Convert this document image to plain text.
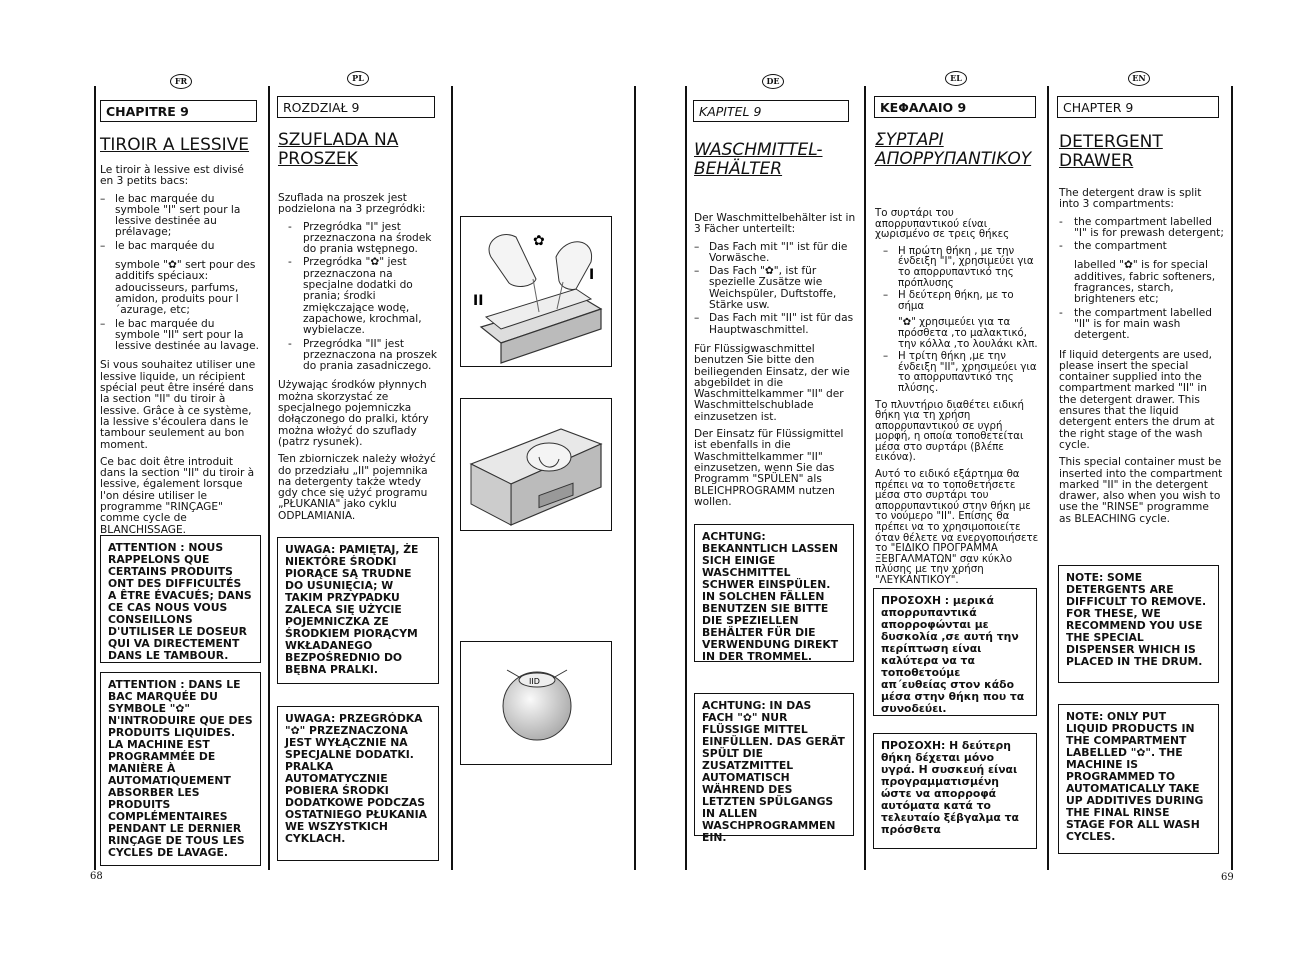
FR	PL	DE	EL	EN
CHAPITRE 9
TIROIR A LESSIVE

Le tiroir à lessive est divisé en 3 petits bacs:

– le bac marquée du symbole "I" sert pour la lessive destinée au prélavage;
– le bac marquée du
symbole "✿" sert pour des additifs spéciaux: adoucisseurs, parfums, amidon, produits pour l´azurage, etc;
– le bac marquée du symbole "II" sert pour la lessive destinée au lavage.

Si vous souhaitez utiliser une lessive liquide, un récipient spécial peut être inséré dans la section "II" du tiroir à lessive. Grâce à ce système, la lessive s'écoulera dans le tambour seulement au bon moment.

Ce bac doit être introduit dans la section "II" du tiroir à lessive, également lorsque l'on désire utiliser le programme "RINÇAGE" comme cycle de BLANCHISSAGE.

ATTENTION : NOUS RAPPELONS QUE CERTAINS PRODUITS ONT DES DIFFICULTÉS A ÊTRE ÉVACUÉS; DANS CE CAS NOUS VOUS CONSEILLONS D'UTILISER LE DOSEUR QUI VA DIRECTEMENT DANS LE TAMBOUR.
ATTENTION : DANS LE BAC MARQUÉE DU SYMBOLE "✿" N'INTRODUIRE QUE DES PRODUITS LIQUIDES. LA MACHINE EST PROGRAMMÉE DE MANIÈRE À AUTOMATIQUEMENT ABSORBER LES PRODUITS COMPLÉMENTAIRES PENDANT LE DERNIER RINÇAGE DE TOUS LES CYCLES DE LAVAGE.
ROZDZIAŁ 9
SZUFLADA NA PROSZEK

Szuflada na proszek jest podzielona na 3 przegródki:

-	Przegródka "I" jest przeznaczona na środek do prania wstępnego.
-	Przegródka "✿" jest przeznaczona na specjalne dodatki do prania; środki zmiękczające wodę, zapachowe, krochmal, wybielacze.
-	Przegródka "II" jest przeznaczona na proszek do prania zasadniczego.

Używając środków płynnych można skorzystać ze specjalnego pojemniczka dołączonego do pralki, który można włożyć do szuflady (patrz rysunek).

Ten zbiorniczek należy włożyć do przedziału „II" pojemnika na detergenty także wtedy gdy chce się użyć programu „PŁUKANIA" jako cyklu ODPLAMIANIA.

UWAGA: PAMIĘTAJ, ŻE NIEKTÓRE ŚRODKI PIORĄCE SĄ TRUDNE DO USUNIĘCIA; W TAKIM PRZYPADKU ZALECA SIĘ UŻYCIE POJEMNICZKA ZE ŚRODKIEM PIORĄCYM WKŁADANEGO BEZPOŚREDNIO DO BĘBNA PRALKI.
UWAGA: PRZEGRÓDKA "✿" PRZEZNACZONA JEST WYŁĄCZNIE NA SPECJALNE DODATKI. PRALKA AUTOMATYCZNIE POBIERA ŚRODKI DODATKOWE PODCZAS OSTATNIEGO PŁUKANIA WE WSZYSTKICH CYKLACH.
✿
I
II
IID
KAPITEL 9
WASCHMITTEL-BEHÄLTER

Der Waschmittelbehälter ist in 3 Fächer unterteilt:

– Das Fach mit "I" ist für die Vorwäsche.
– Das Fach "✿", ist für spezielle Zusätze wie Weichspüler, Duftstoffe, Stärke usw.
– Das Fach mit "II" ist für das Hauptwaschmittel.

Für Flüssigwaschmittel benutzen Sie bitte den beiliegenden Einsatz, der wie abgebildet in die Waschmittelkammer "II" der Waschmittelschublade einzusetzen ist.

Der Einsatz für Flüssigmittel ist ebenfalls in die Waschmittelkammer "II" einzusetzen, wenn Sie das Programm "SPÜLEN" als BLEICHPROGRAMM nutzen wollen.

ACHTUNG: BEKANNTLICH LASSEN SICH EINIGE WASCHMITTEL SCHWER EINSPÜLEN. IN SOLCHEN FÄLLEN BENUTZEN SIE BITTE DIE SPEZIELLEN BEHÄLTER FÜR DIE VERWENDUNG DIREKT IN DER TROMMEL.
ACHTUNG: IN DAS FACH "✿" NUR FLÜSSIGE MITTEL EINFÜLLEN. DAS GERÄT SPÜLT DIE ZUSATZMITTEL AUTOMATISCH WÄHREND DES LETZTEN SPÜLGANGS IN ALLEN WASCHPROGRAMMEN EIN.
ΚΕΦΑΛΑΙΟ 9
ΣΥΡΤΑΡΙ ΑΠΟΡΡΥΠΑΝΤΙΚΟΥ

Το συρτάρι του απορρυπαντικού είναι χωρισμένο σε τρεις θήκες

– Η πρώτη θήκη , με την ένδειξη "I", χρησιμεύει για το απορρυπαντικό της πρόπλυσης
– Η δεύτερη θήκη, με το σήμα
"✿" χρησιμεύει για τα πρόσθετα ,το μαλακτικό, την κόλλα ,το λουλάκι κλπ.
– Η τρίτη θήκη ,με την ένδειξη "II", χρησιμεύει για το απορρυπαντικό της πλύσης.

Το πλυντήριο διαθέτει ειδική θήκη για τη χρήση απορρυπαντικού σε υγρή μορφή, η οποία τοποθετείται μέσα στο συρτάρι (βλέπε εικόνα).

Αυτό το ειδικό εξάρτημα θα πρέπει να το τοποθετήσετε μέσα στο συρτάρι του απορρυπαντικού στην θήκη με το νούμερο "II". Επίσης θα πρέπει να το χρησιμοποιείτε όταν θέλετε να ενεργοποιήσετε το "ΕΙΔΙΚΟ ΠΡΟΓΡΑΜΜΑ ΞΕΒΓΑΛΜΑΤΩΝ" σαν κύκλο πλύσης με την χρήση "ΛΕΥΚΑΝΤΙΚΟΥ".

ΠΡΟΣΟΧΗ : μερικά απορρυπαντικά απορροφώνται με δυσκολία ,σε αυτή την περίπτωση είναι καλύτερα να τα τοποθετούμε απ΄ευθείας στον κάδο μέσα στην θήκη που τα συνοδεύει.
ΠΡΟΣΟΧΗ: Η δεύτερη θήκη δέχεται μόνο υγρά. Η συσκευή είναι προγραμματισμένη ώστε να απορροφά αυτόματα κατά το τελευταίο ξέβγαλμα τα πρόσθετα
CHAPTER 9
DETERGENT DRAWER

The detergent draw is split into 3 compartments:

-	the compartment labelled "I" is for prewash detergent;
-	the compartment
labelled "✿" is for special additives, fabric softeners, fragrances, starch, brighteners etc;
-	the compartment labelled "II" is for main wash detergent.

If liquid detergents are used, please insert the special container supplied into the compartment marked "II" in the detergent drawer. This ensures that the liquid detergent enters the drum at the right stage of the wash cycle.

This special container must be inserted into the compartment marked "II" in the detergent drawer, also when you wish to use the "RINSE" programme as BLEACHING cycle.

NOTE: SOME DETERGENTS ARE DIFFICULT TO REMOVE. FOR THESE, WE RECOMMEND YOU USE THE SPECIAL DISPENSER WHICH IS PLACED IN THE DRUM.
NOTE: ONLY PUT LIQUID PRODUCTS IN THE COMPARTMENT LABELLED "✿". THE MACHINE IS PROGRAMMED TO AUTOMATICALLY TAKE UP ADDITIVES DURING THE FINAL RINSE STAGE FOR ALL WASH CYCLES.
68	69
